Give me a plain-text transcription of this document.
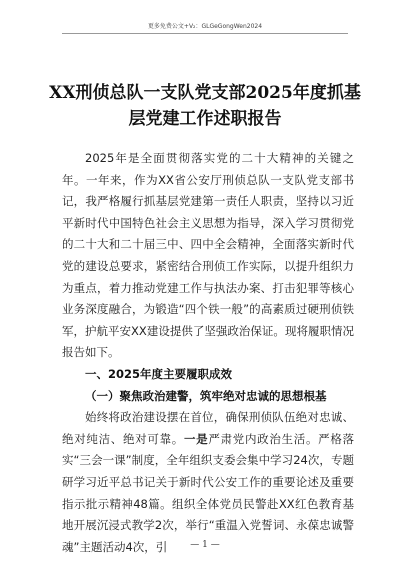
更多免费公文+V₂：GLGeGongWen2024
XX刑侦总队一支队党支部2025年度抓基
层党建工作述职报告

2025年是全面贯彻落实党的二十大精神的关键之年。一年来，作为XX省公安厅刑侦总队一支队党支部书记，我严格履行抓基层党建第一责任人职责，坚持以习近平新时代中国特色社会主义思想为指导，深入学习贯彻党的二十大和二十届三中、四中全会精神，全面落实新时代党的建设总要求，紧密结合刑侦工作实际，以提升组织力为重点，着力推动党建工作与执法办案、打击犯罪等核心业务深度融合，为锻造“四个铁一般”的高素质过硬刑侦铁军，护航平安XX建设提供了坚强政治保证。现将履职情况报告如下。

一、2025年度主要履职成效

（一）聚焦政治建警，筑牢绝对忠诚的思想根基

始终将政治建设摆在首位，确保刑侦队伍绝对忠诚、绝对纯洁、绝对可靠。一是严肃党内政治生活。严格落实“三会一课”制度，全年组织支委会集中学习24次，专题研学习近平总书记关于新时代公安工作的重要论述及重要指示批示精神48篇。组织全体党员民警赴XX红色教育基地开展沉浸式教学2次，举行“重温入党誓词、永葆忠诚警魂”主题活动4次，引	— 1 —
